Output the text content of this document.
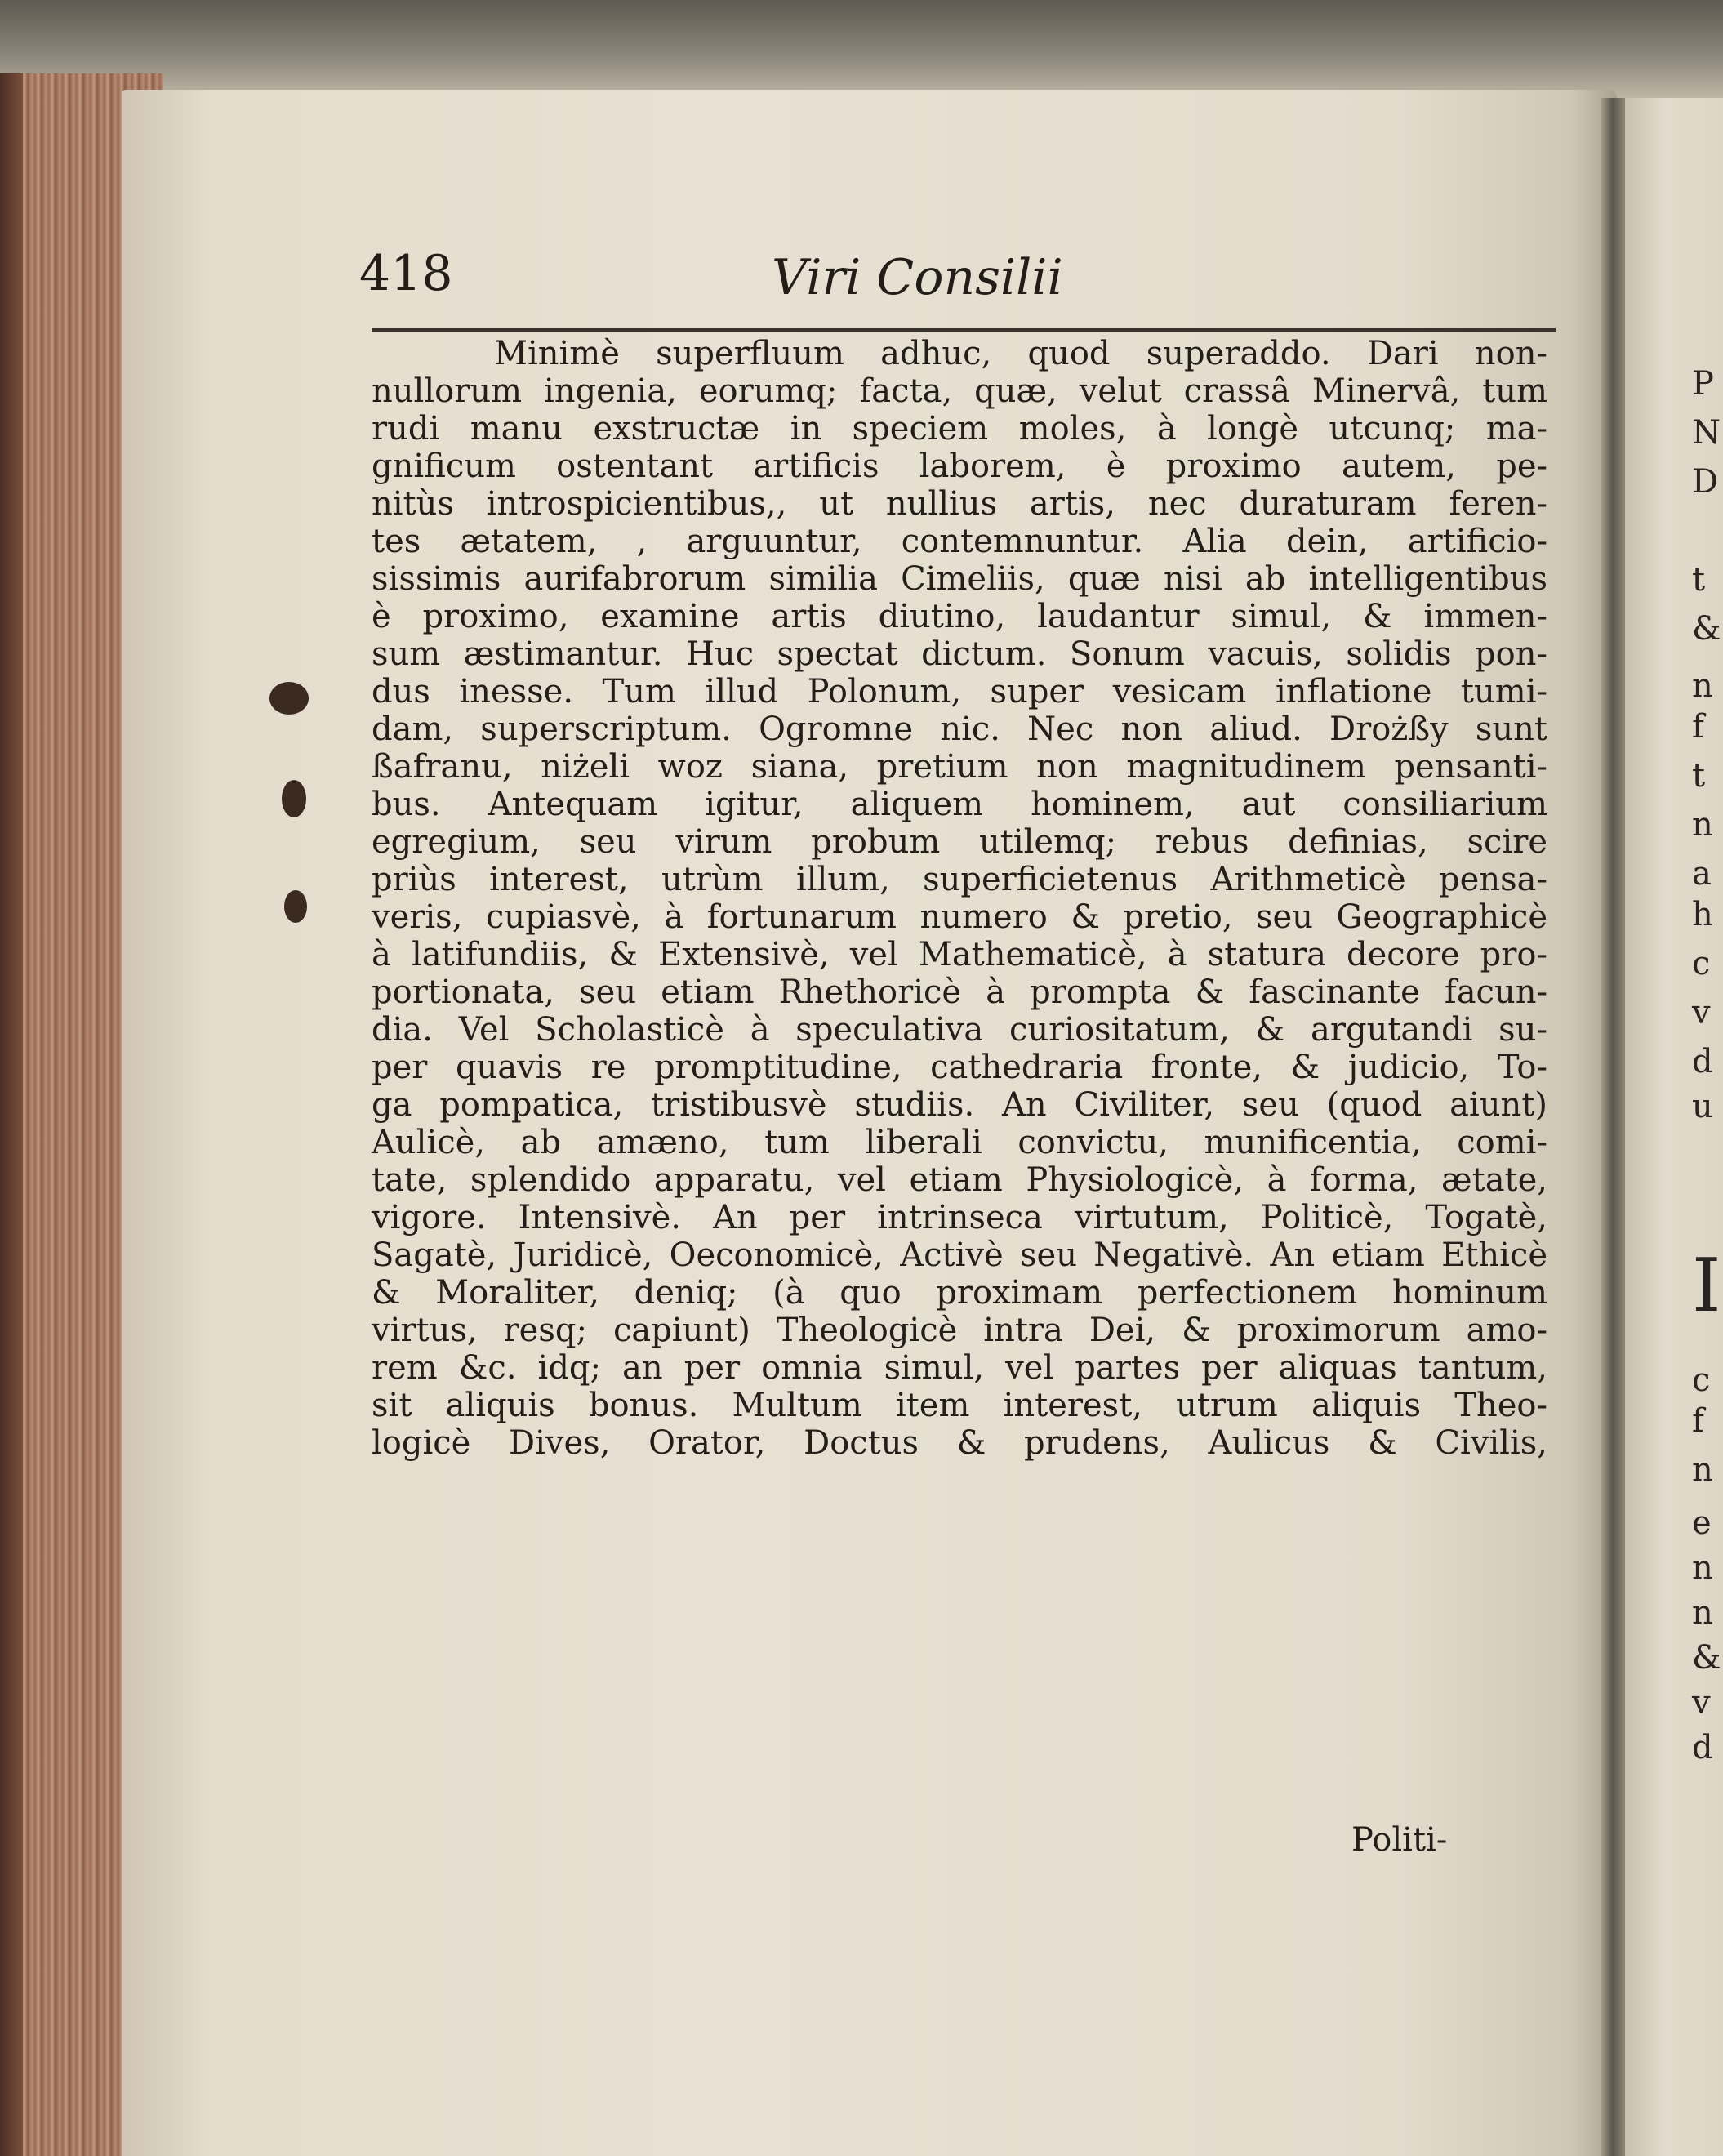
P
N
D
t
&
n
f
t
n
a
h
c
v
d
u
I
c
f
n
e
n
n
&
v
d
418	Viri Consilii
Minimè superfluum adhuc, quod superaddo. Dari non-
nullorum ingenia, eorumq; facta, quæ, velut crassâ Minervâ, tum
rudi manu exstructæ in speciem moles, à longè utcunq; ma-
gnificum ostentant artificis laborem, è proximo autem, pe-
nitùs introspicientibus,, ut nullius artis, nec duraturam feren-
tes ætatem, , arguuntur, contemnuntur. Alia dein, artificio-
sissimis aurifabrorum similia Cimeliis, quæ nisi ab intelligentibus
è proximo, examine artis diutino, laudantur simul, & immen-
sum æstimantur. Huc spectat dictum. Sonum vacuis, solidis pon-
dus inesse. Tum illud Polonum, super vesicam inflatione tumi-
dam, superscriptum. Ogromne nic. Nec non aliud. Drożßy sunt
ßafranu, niżeli woz siana, pretium non magnitudinem pensanti-
bus. Antequam igitur, aliquem hominem, aut consiliarium
egregium, seu virum probum utilemq; rebus definias, scire
priùs interest, utrùm illum, superficietenus Arithmeticè pensa-
veris, cupiasvè, à fortunarum numero & pretio, seu Geographicè
à latifundiis, & Extensivè, vel Mathematicè, à statura decore pro-
portionata, seu etiam Rhethoricè à prompta & fascinante facun-
dia. Vel Scholasticè à speculativa curiositatum, & argutandi su-
per quavis re promptitudine, cathedraria fronte, & judicio, To-
ga pompatica, tristibusvè studiis. An Civiliter, seu (quod aiunt)
Aulicè, ab amæno, tum liberali convictu, munificentia, comi-
tate, splendido apparatu, vel etiam Physiologicè, à forma, ætate,
vigore. Intensivè. An per intrinseca virtutum, Politicè, Togatè,
Sagatè, Juridicè, Oeconomicè, Activè seu Negativè. An etiam Ethicè
& Moraliter, deniq; (à quo proximam perfectionem hominum
virtus, resq; capiunt) Theologicè intra Dei, & proximorum amo-
rem &c. idq; an per omnia simul, vel partes per aliquas tantum,
sit aliquis bonus. Multum item interest, utrum aliquis Theo-
logicè Dives, Orator, Doctus & prudens, Aulicus & Civilis,
Politi-
